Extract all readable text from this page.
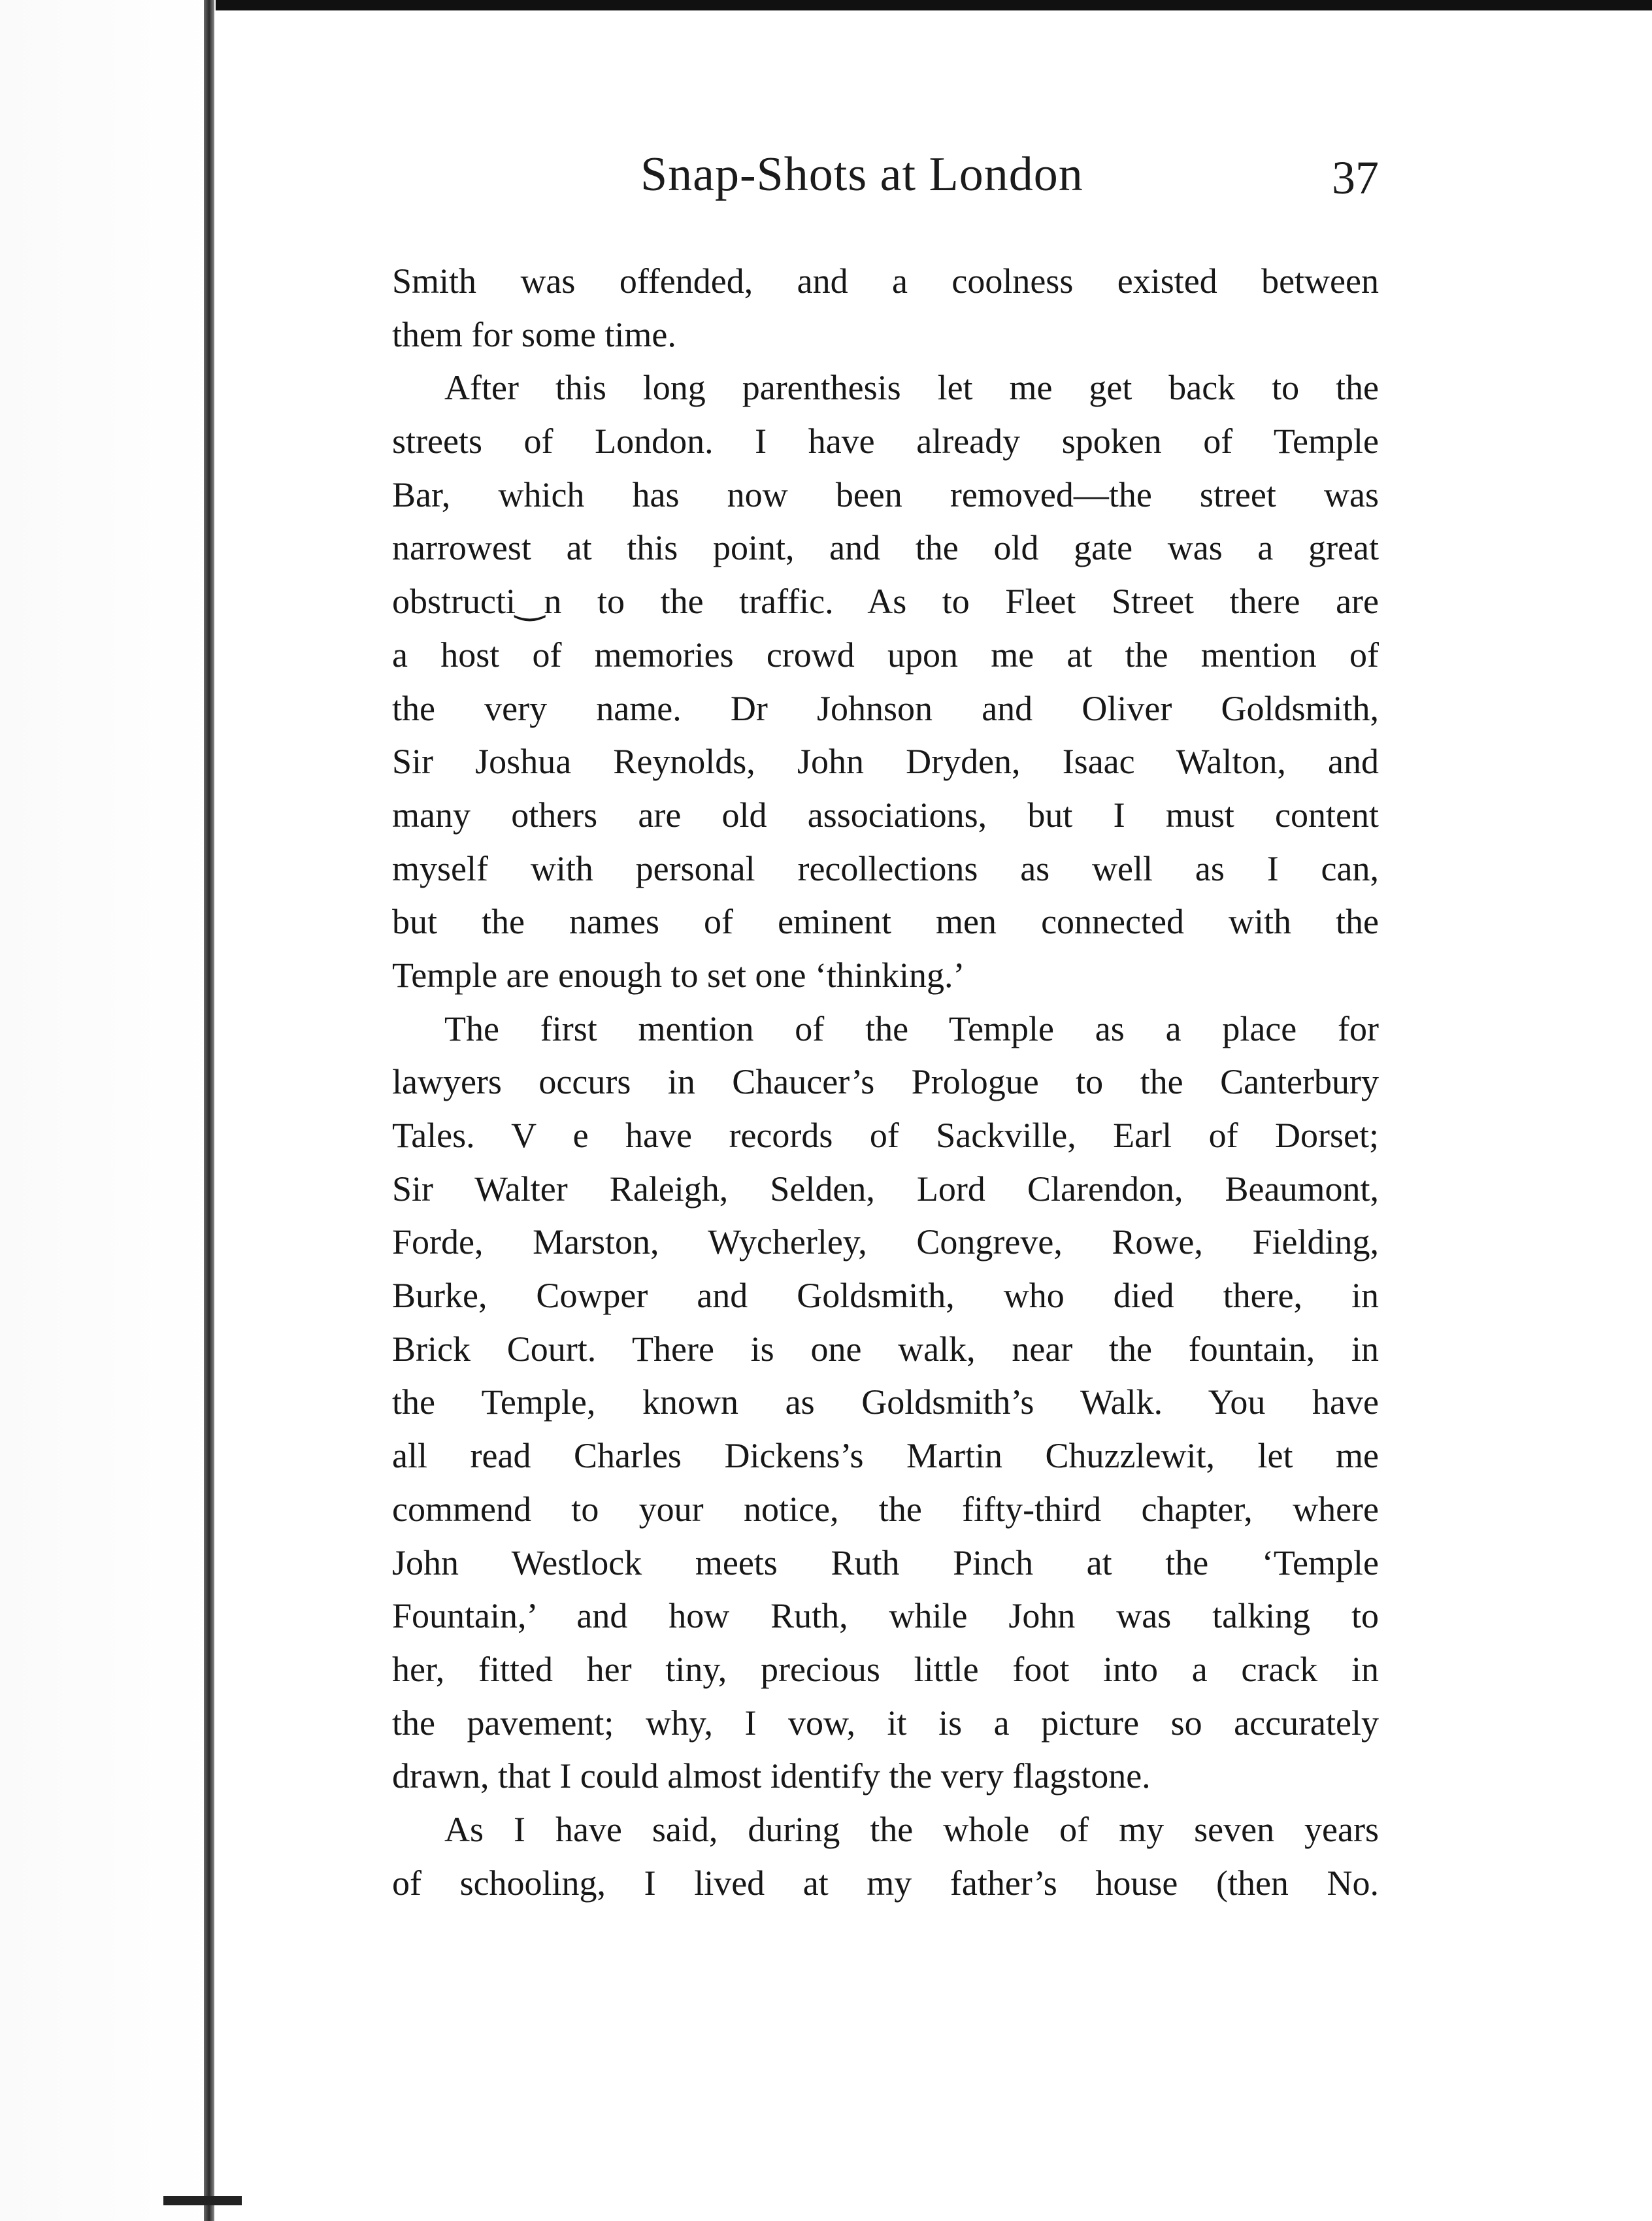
Snap-Shots at London	37
Smith was offended, and a coolness existed between
them for some time.
After this long parenthesis let me get back to the
streets of London. I have already spoken of Temple
Bar, which has now been removed—the street was
narrowest at this point, and the old gate was a great
obstructi‿n to the traffic. As to Fleet Street there are
a host of memories crowd upon me at the mention of
the very name. Dr Johnson and Oliver Goldsmith,
Sir Joshua Reynolds, John Dryden, Isaac Walton, and
many others are old associations, but I must content
myself with personal recollections as well as I can,
but the names of eminent men connected with the
Temple are enough to set one ‘thinking.’
The first mention of the Temple as a place for
lawyers occurs in Chaucer’s Prologue to the Canterbury
Tales. V e have records of Sackville, Earl of Dorset;
Sir Walter Raleigh, Selden, Lord Clarendon, Beaumont,
Forde, Marston, Wycherley, Congreve, Rowe, Fielding,
Burke, Cowper and Goldsmith, who died there, in
Brick Court. There is one walk, near the fountain, in
the Temple, known as Goldsmith’s Walk. You have
all read Charles Dickens’s Martin Chuzzlewit, let me
commend to your notice, the fifty-third chapter, where
John Westlock meets Ruth Pinch at the ‘Temple
Fountain,’ and how Ruth, while John was talking to
her, fitted her tiny, precious little foot into a crack in
the pavement; why, I vow, it is a picture so accurately
drawn, that I could almost identify the very flagstone.
As I have said, during the whole of my seven years
of schooling, I lived at my father’s house (then No.
